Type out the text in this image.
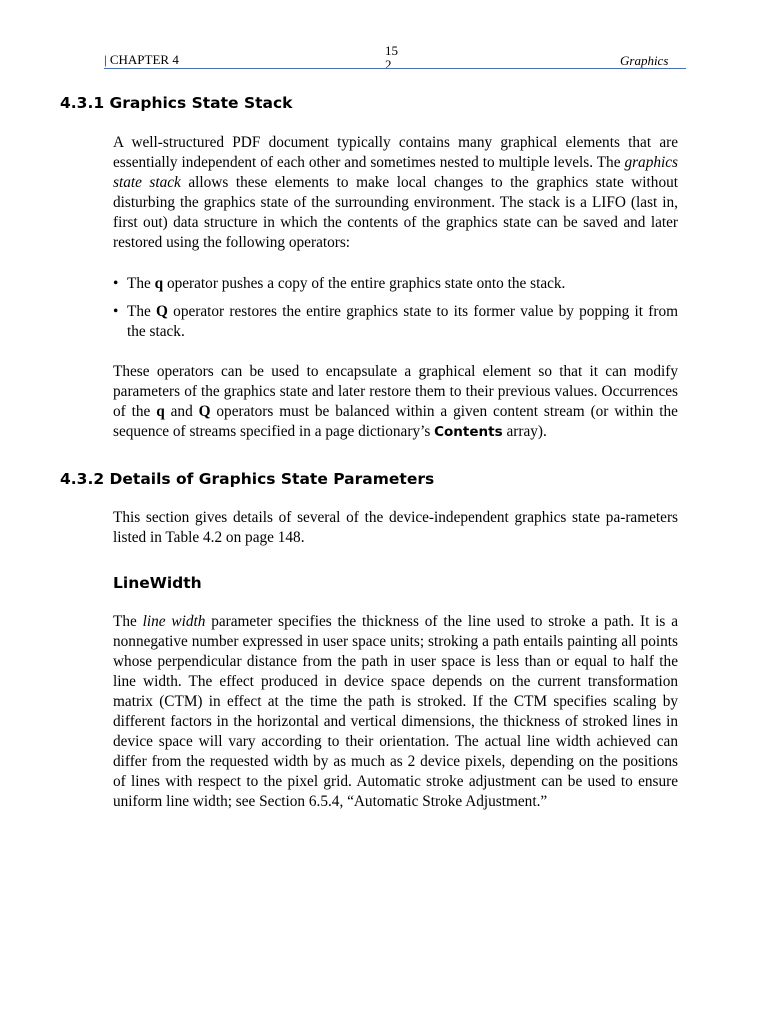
| CHAPTER 4
152	Graphics
4.3.1 Graphics State Stack
A well-structured PDF document typically contains many graphical elements that are essentially independent of each other and sometimes nested to multiple levels. The graphics state stack allows these elements to make local changes to the graphics state without disturbing the graphics state of the surrounding environment. The stack is a LIFO (last in, first out) data structure in which the contents of the graphics state can be saved and later restored using the following operators:
• The q operator pushes a copy of the entire graphics state onto the stack.
• The Q operator restores the entire graphics state to its former value by popping it from the stack.
These operators can be used to encapsulate a graphical element so that it can modify parameters of the graphics state and later restore them to their previous values. Occurrences of the q and Q operators must be balanced within a given content stream (or within the sequence of streams specified in a page dictionary’s Contents array).
4.3.2 Details of Graphics State Parameters
This section gives details of several of the device-independent graphics state pa-rameters listed in Table 4.2 on page 148.
LineWidth
The line width parameter specifies the thickness of the line used to stroke a path. It is a nonnegative number expressed in user space units; stroking a path entails painting all points whose perpendicular distance from the path in user space is less than or equal to half the line width. The effect produced in device space depends on the current transformation matrix (CTM) in effect at the time the path is stroked. If the CTM specifies scaling by different factors in the horizontal and vertical dimensions, the thickness of stroked lines in device space will vary according to their orientation. The actual line width achieved can differ from the requested width by as much as 2 device pixels, depending on the positions of lines with respect to the pixel grid. Automatic stroke adjustment can be used to ensure uniform line width; see Section 6.5.4, “Automatic Stroke Adjustment.”
